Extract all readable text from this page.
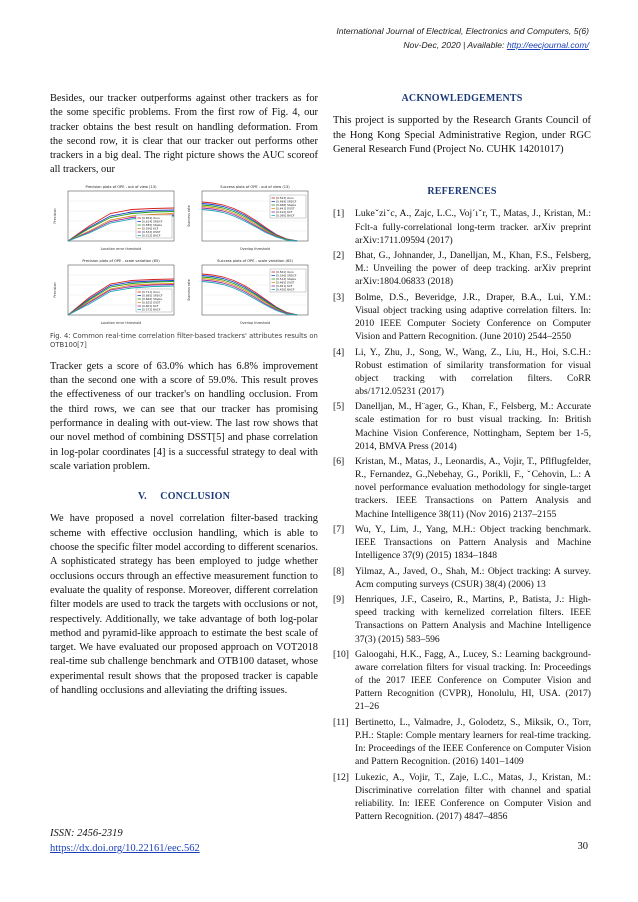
International Journal of Electrical, Electronics and Computers, 5(6)
Nov-Dec, 2020 | Available: http://eecjournal.com/

Besides, our tracker outperforms against other trackers as for the some specific problems. From the first row of Fig. 4, our tracker obtains the best result on handling deformation. From the second row, it is clear that our tracker out performs other trackers in a big deal. The right picture shows the AUC scoreof all trackers, our

Precision plots of OPE - out of view (13)
[0.654] Ours
[0.614] SRDCF
[0.585] Staple
[0.556] KCF
[0.532] DSST
[0.512] BACF
Location error threshold
Precision
Success plots of OPE - out of view (13)
[0.523] Ours
[0.489] SRDCF
[0.468] Staple
[0.441] DSST
[0.412] KCF
[0.390] BACF
Overlap threshold
Success rate
Precision plots of OPE - scale variation (65)
[0.711] Ours
[0.685] SRDCF
[0.660] Staple
[0.625] DSST
[0.601] KCF
[0.572] BACF
Location error threshold
Precision
Success plots of OPE - scale variation (65)
[0.561] Ours
[0.536] SRDCF
[0.512] Staple
[0.485] DSST
[0.451] KCF
[0.420] BACF
Overlap threshold
Success rate
Fig. 4: Common real-time correlation filter-based trackers' attributes results on OTB100[7]

Tracker gets a score of 63.0% which has 6.8% improvement than the second one with a score of 59.0%. This result proves the effectiveness of our tracker's on handling occlusion. From the third rows, we can see that our tracker has promising performance in dealing with out-view. The last row shows that our novel method of combining DSST[5] and phase correlation in log-polar coordinates [4] is a successful strategy to deal with scale variation problem.

V.     CONCLUSION

We have proposed a novel correlation filter-based tracking scheme with effective occlusion handling, which is able to choose the specific filter model according to different scenarios. A sophisticated strategy has been employed to judge whether occlusions occurs through an effective measurement function to evaluate the quality of response. Moreover, different correlation filter models are used to track the targets with occlusions or not, respectively. Additionally, we take advantage of both log-polar method and pyramid-like approach to estimate the best scale of target. We have evaluated our proposed approach on VOT2018 real-time sub challenge benchmark and OTB100 dataset, whose experimental result shows that the proposed tracker is capable of handling occlusions and alleviating the drifting issues.

ACKNOWLEDGEMENTS

This project is supported by the Research Grants Council of the Hong Kong Special Administrative Region, under RGC General Research Fund (Project No. CUHK 14201017)

REFERENCES

[1]	Lukeˇziˇc, A., Zajc, L.C., Voj´ıˇr, T., Matas, J., Kristan, M.: Fclt-a fully-correlational long-term tracker. arXiv preprint arXiv:1711.09594 (2017)
[2]	Bhat, G., Johnander, J., Danelljan, M., Khan, F.S., Felsberg, M.: Unveiling the power of deep tracking. arXiv preprint arXiv:1804.06833 (2018)
[3]	Bolme, D.S., Beveridge, J.R., Draper, B.A., Lui, Y.M.: Visual object tracking using adaptive correlation filters. In: 2010 IEEE Computer Society Conference on Computer Vision and Pattern Recognition. (June 2010) 2544–2550
[4]	Li, Y., Zhu, J., Song, W., Wang, Z., Liu, H., Hoi, S.C.H.: Robust estimation of similarity transformation for visual object tracking with correlation filters. CoRR abs/1712.05231 (2017)
[5]	Danelljan, M., H¨ager, G., Khan, F., Felsberg, M.: Accurate scale estimation for ro bust visual tracking. In: British Machine Vision Conference, Nottingham, Septem ber 1-5, 2014, BMVA Press (2014)
[6]	Kristan, M., Matas, J., Leonardis, A., Vojir, T., Pflflugfelder, R., Fernandez, G.,Nebehay, G., Porikli, F., ˇCehovin, L.: A novel performance evaluation methodology for single-target trackers. IEEE Transactions on Pattern Analysis and Machine Intelligence 38(11) (Nov 2016) 2137–2155
[7]	Wu, Y., Lim, J., Yang, M.H.: Object tracking benchmark. IEEE Transactions on Pattern Analysis and Machine Intelligence 37(9) (2015) 1834–1848
[8]	Yilmaz, A., Javed, O., Shah, M.: Object tracking: A survey. Acm computing surveys (CSUR) 38(4) (2006) 13
[9]	Henriques, J.F., Caseiro, R., Martins, P., Batista, J.: High-speed tracking with kernelized correlation filters. IEEE Transactions on Pattern Analysis and Machine Intelligence 37(3) (2015) 583–596
[10] Galoogahi, H.K., Fagg, A., Lucey, S.: Learning background-aware correlation filters for visual tracking. In: Proceedings of the 2017 IEEE Conference on Computer Vision and Pattern Recognition (CVPR), Honolulu, HI, USA. (2017) 21–26
[11] Bertinetto, L., Valmadre, J., Golodetz, S., Miksik, O., Torr, P.H.: Staple: Comple mentary learners for real-time tracking. In: Proceedings of the IEEE Conference on Computer Vision and Pattern Recognition. (2016) 1401–1409
[12] Lukezic, A., Vojir, T., Zaje, L.C., Matas, J., Kristan, M.: Discriminative correlation filter with channel and spatial reliability. In: IEEE Conference on Computer Vision and Pattern Recognition. (2017) 4847–4856
ISSN: 2456-2319
https://dx.doi.org/10.22161/eec.562	30
